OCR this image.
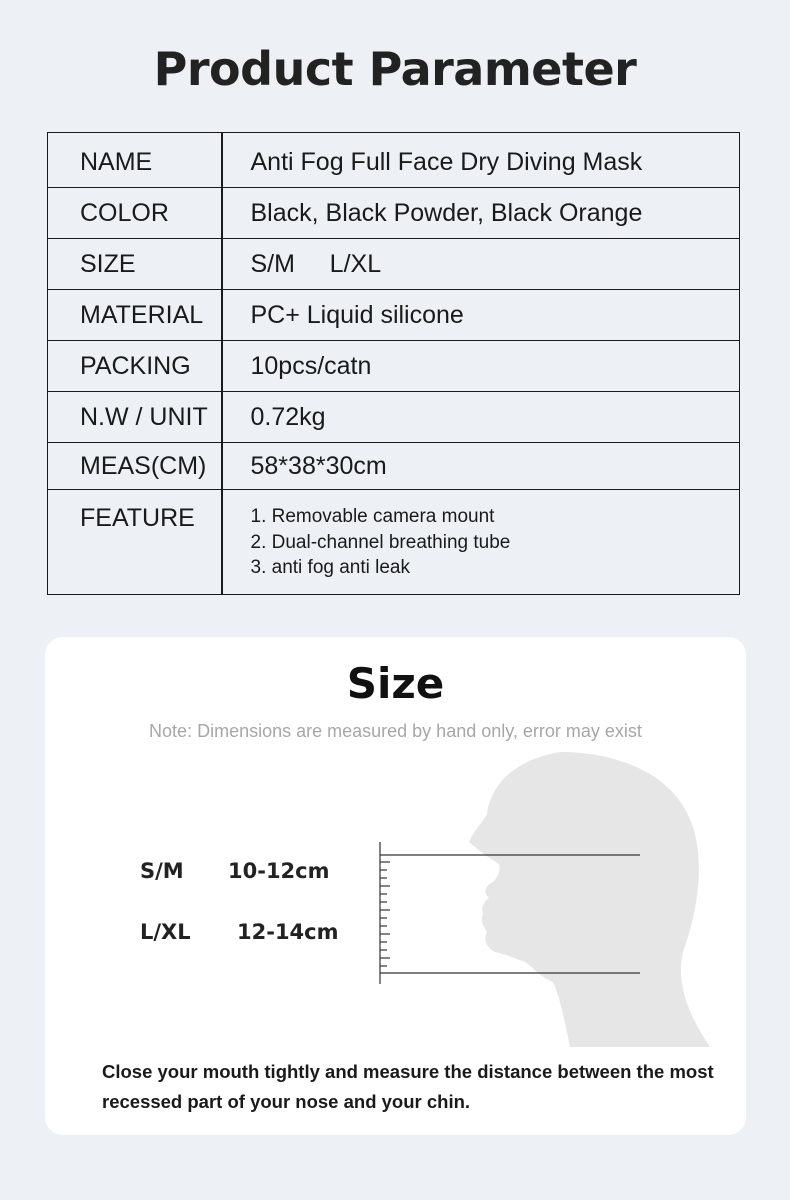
Product Parameter
NAME	Anti Fog Full Face Dry Diving Mask
COLOR	Black, Black Powder, Black Orange
SIZE	S/M     L/XL
MATERIAL	PC+ Liquid silicone
PACKING	10pcs/catn
N.W / UNIT	0.72kg
MEAS(CM)	58*38*30cm
FEATURE	1. Removable camera mount
2. Dual-channel breathing tube
3. anti fog anti leak
Size
Note: Dimensions are measured by hand only, error may exist
S/M 10-12cm
L/XL 12-14cm
Close your mouth tightly and measure the distance between the most recessed part of your nose and your chin.
